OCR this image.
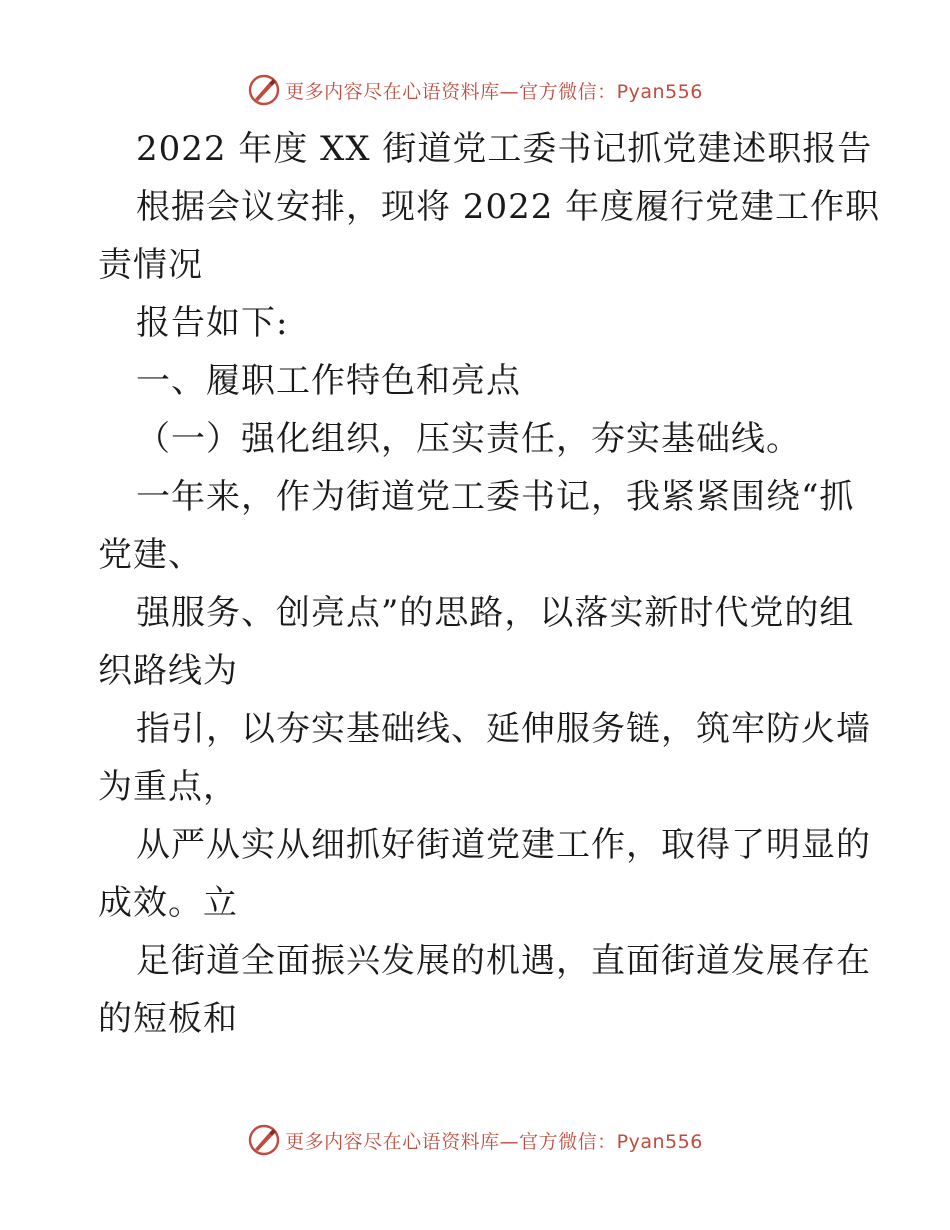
更多内容尽在心语资料库—官方微信：Pyan556
2022 年度 XX 街道党工委书记抓党建述职报告
根据会议安排，现将 2022 年度履行党建工作职
责情况
报告如下:
一、履职工作特色和亮点
（一）强化组织，压实责任，夯实基础线。
一年来，作为街道党工委书记，我紧紧围绕“抓
党建、
强服务、创亮点”的思路，以落实新时代党的组
织路线为
指引，以夯实基础线、延伸服务链，筑牢防火墙
为重点，
从严从实从细抓好街道党建工作，取得了明显的
成效。立
足街道全面振兴发展的机遇，直面街道发展存在
的短板和
更多内容尽在心语资料库—官方微信：Pyan556
